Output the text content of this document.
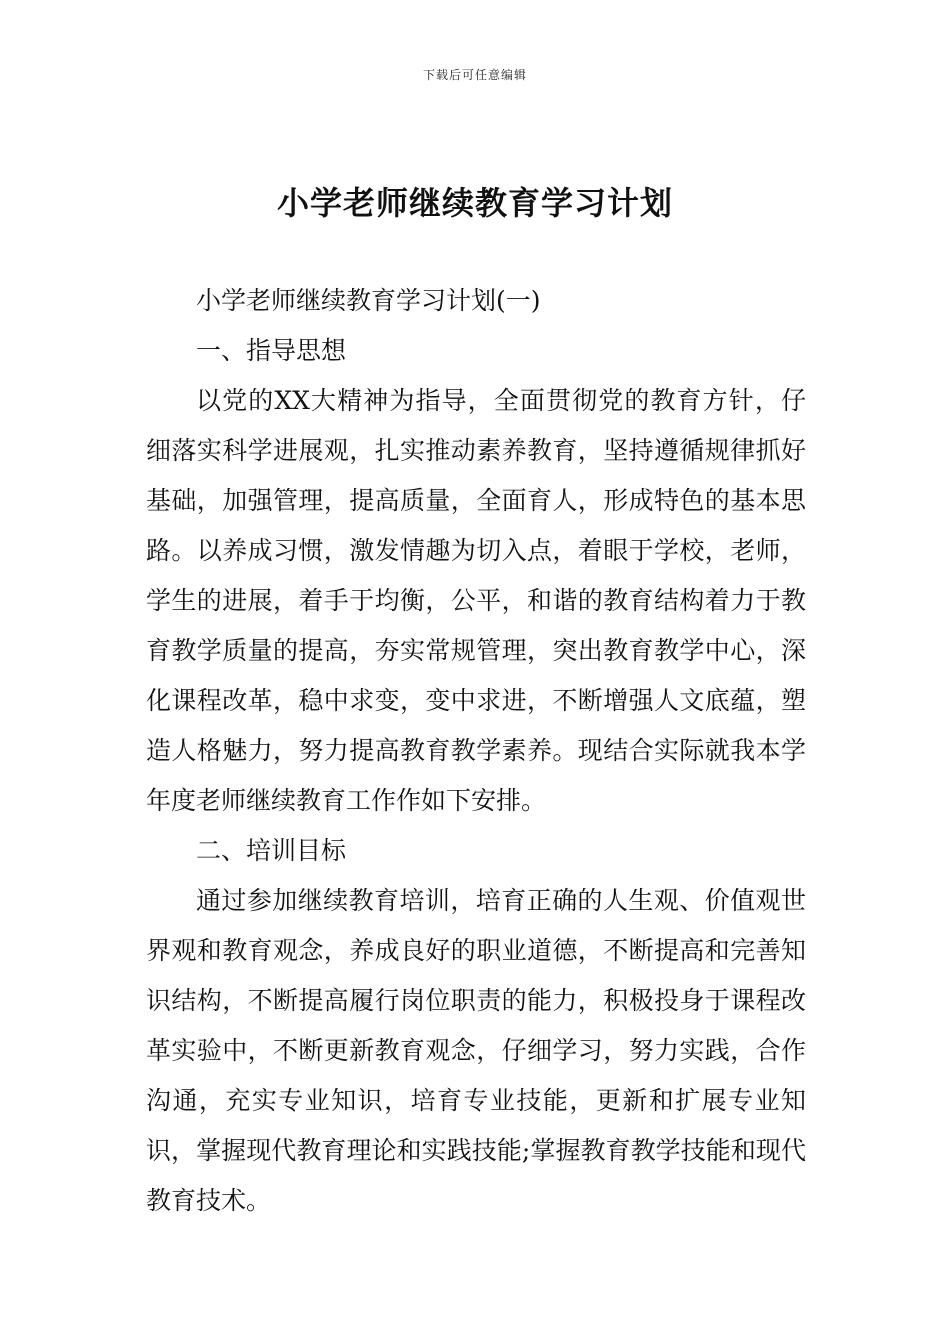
下载后可任意编辑
小学老师继续教育学习计划

小学老师继续教育学习计划(一)

一、指导思想

以党的XX大精神为指导，全面贯彻党的教育方针，仔细落实科学进展观，扎实推动素养教育，坚持遵循规律抓好基础，加强管理，提高质量，全面育人，形成特色的基本思路。以养成习惯，激发情趣为切入点，着眼于学校，老师，学生的进展，着手于均衡，公平，和谐的教育结构着力于教育教学质量的提高，夯实常规管理，突出教育教学中心，深化课程改革，稳中求变，变中求进，不断增强人文底蕴，塑造人格魅力，努力提高教育教学素养。现结合实际就我本学年度老师继续教育工作作如下安排。

二、培训目标

通过参加继续教育培训，培育正确的人生观、价值观世界观和教育观念，养成良好的职业道德，不断提高和完善知识结构，不断提高履行岗位职责的能力，积极投身于课程改革实验中，不断更新教育观念，仔细学习，努力实践，合作沟通，充实专业知识，培育专业技能，更新和扩展专业知识，掌握现代教育理论和实践技能;掌握教育教学技能和现代教育技术。
